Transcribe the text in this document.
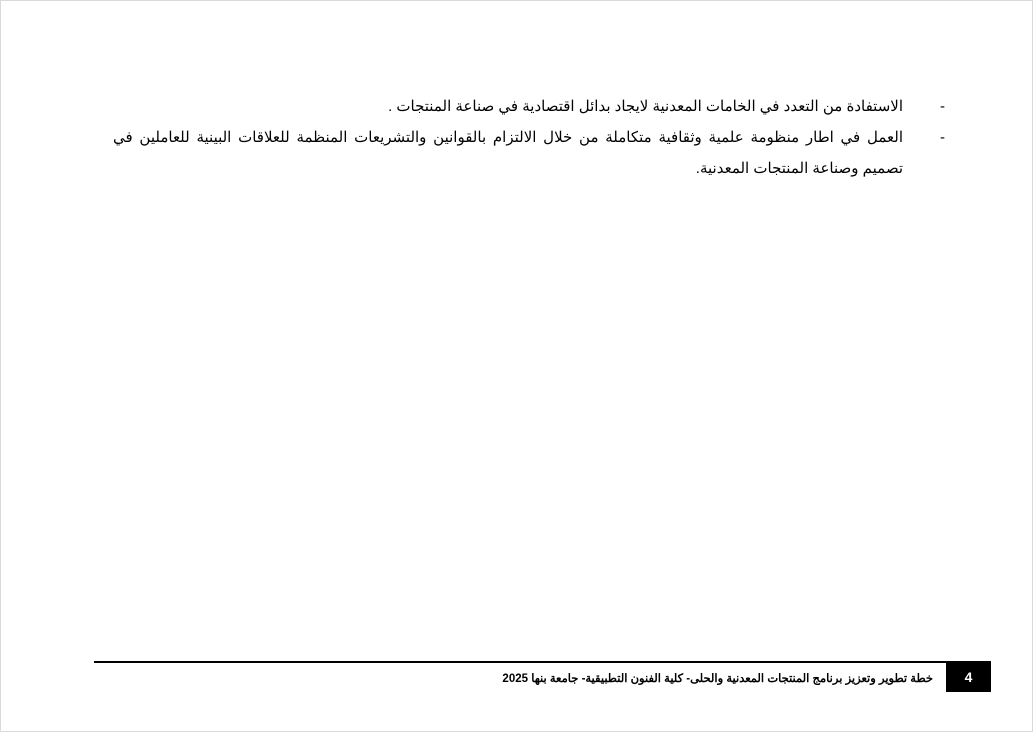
-
الاستفادة من التعدد في الخامات المعدنية لايجاد بدائل اقتصادية في صناعة المنتجات .
-
العمل في اطار منظومة علمية وثقافية متكاملة من خلال الالتزام بالقوانين والتشريعات المنظمة للعلاقات البينية للعاملين في تصميم وصناعة المنتجات المعدنية.
خطة تطوير وتعزيز برنامج المنتجات المعدنية والحلى- كلية الفنون التطبيقية- جامعة بنها 2025	4
